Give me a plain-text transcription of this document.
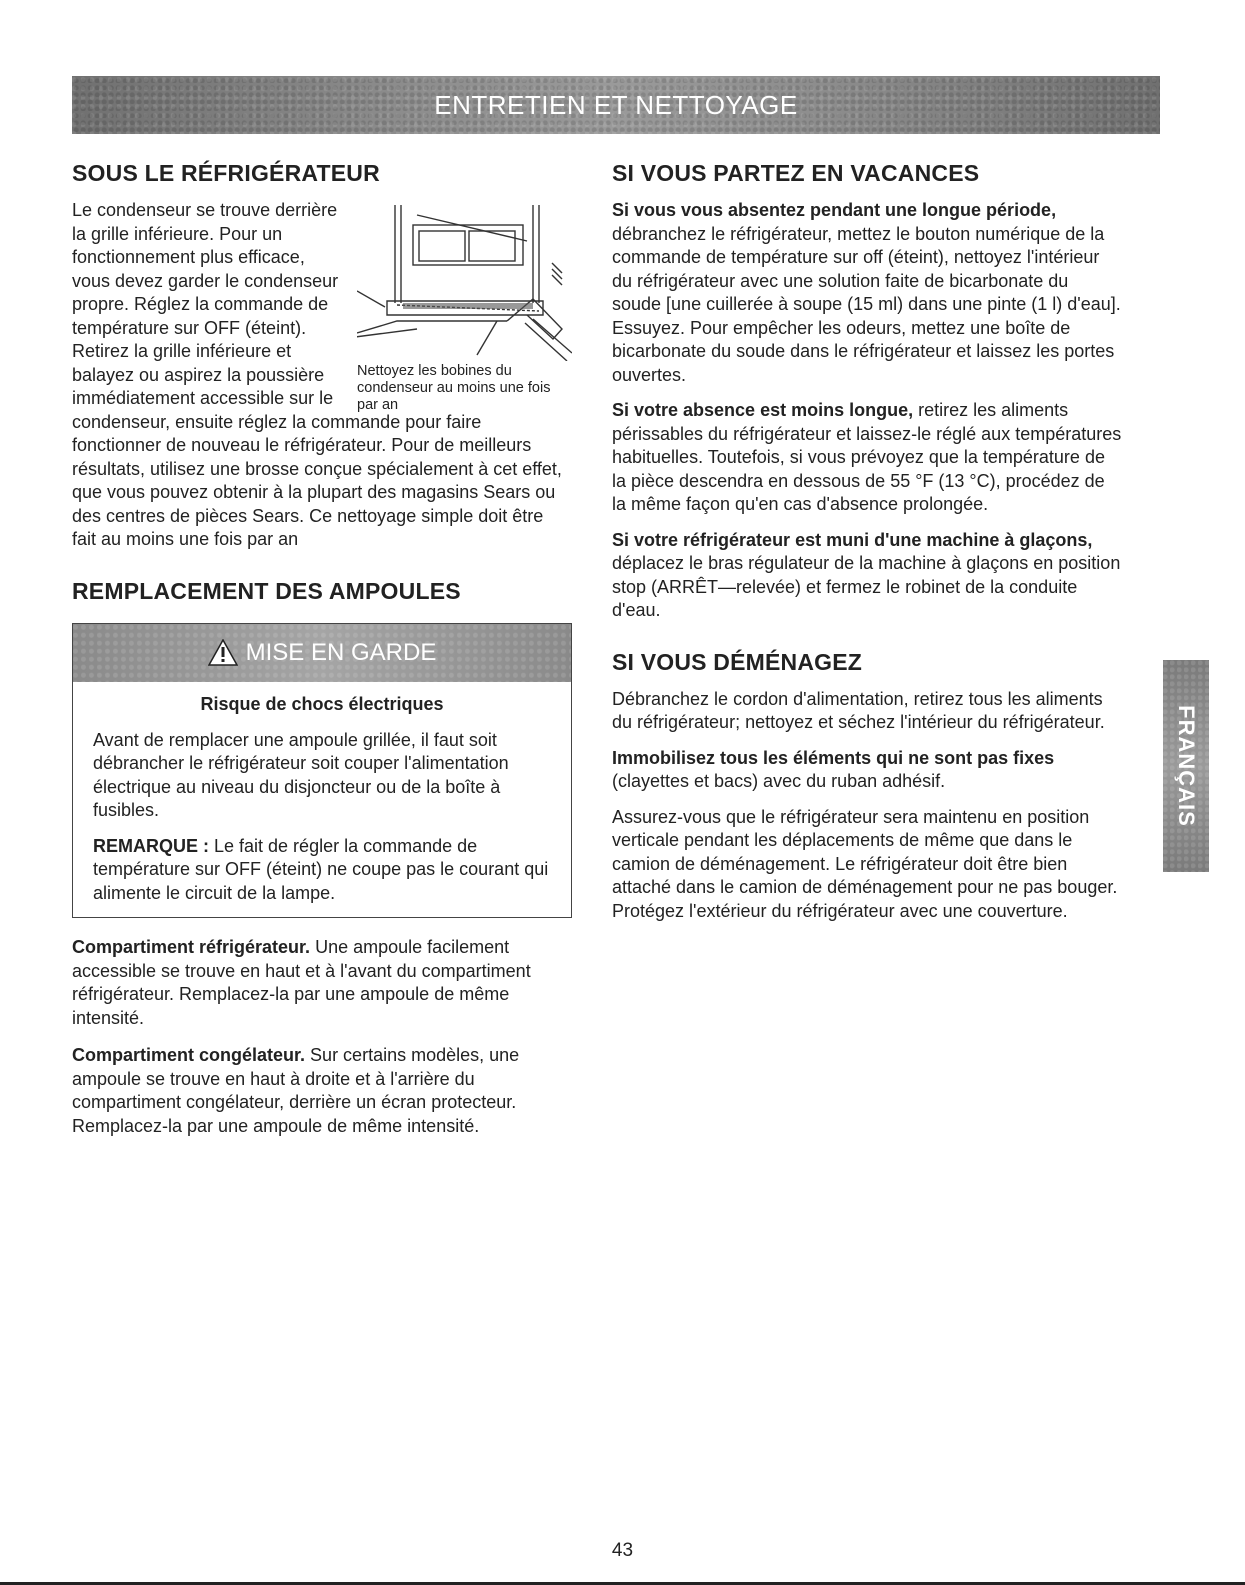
ENTRETIEN ET NETTOYAGE
SOUS LE RÉFRIGÉRATEUR
Nettoyez les bobines du condenseur au moins une fois par an

Le condenseur se trouve derrière la grille inférieure. Pour un fonctionnement plus efficace, vous devez garder le condenseur propre. Réglez la commande de température sur OFF (éteint). Retirez la grille inférieure et balayez ou aspirez la poussière immédiatement accessible sur le condenseur, ensuite réglez la commande pour faire fonctionner de nouveau le réfrigérateur. Pour de meilleurs résultats, utilisez une brosse conçue spécialement à cet effet, que vous pouvez obtenir à la plupart des magasins Sears ou des centres de pièces Sears. Ce nettoyage simple doit être fait au moins une fois par an

REMPLACEMENT DES AMPOULES
MISE EN GARDE
Risque de chocs électriques

Avant de remplacer une ampoule grillée, il faut soit débrancher le réfrigérateur soit couper l'alimentation électrique au niveau du disjoncteur ou de la boîte à fusibles.

REMARQUE : Le fait de régler la commande de température sur OFF (éteint) ne coupe pas le courant qui alimente le circuit de la lampe.

Compartiment réfrigérateur. Une ampoule facilement accessible se trouve en haut et à l'avant du compartiment réfrigérateur. Remplacez-la par une ampoule de même intensité.

Compartiment congélateur. Sur certains modèles, une ampoule se trouve en haut à droite et à l'arrière du compartiment congélateur, derrière un écran protecteur. Remplacez-la par une ampoule de même intensité.

SI VOUS PARTEZ EN VACANCES

Si vous vous absentez pendant une longue période, débranchez le réfrigérateur, mettez le bouton numérique de la commande de température sur off (éteint), nettoyez l'intérieur du réfrigérateur avec une solution faite de bicarbonate du soude [une cuillerée à soupe (15 ml) dans une pinte (1 l) d'eau]. Essuyez. Pour empêcher les odeurs, mettez une boîte de bicarbonate du soude dans le réfrigérateur et laissez les portes ouvertes.

Si votre absence est moins longue, retirez les aliments périssables du réfrigérateur et laissez-le réglé aux températures habituelles. Toutefois, si vous prévoyez que la température de la pièce descendra en dessous de 55 °F (13 °C), procédez de la même façon qu'en cas d'absence prolongée.

Si votre réfrigérateur est muni d'une machine à glaçons, déplacez le bras régulateur de la machine à glaçons en position stop (ARRÊT—relevée) et fermez le robinet de la conduite d'eau.

SI VOUS DÉMÉNAGEZ

Débranchez le cordon d'alimentation, retirez tous les aliments du réfrigérateur; nettoyez et séchez l'intérieur du réfrigérateur.

Immobilisez tous les éléments qui ne sont pas fixes (clayettes et bacs) avec du ruban adhésif.

Assurez-vous que le réfrigérateur sera maintenu en position verticale pendant les déplacements de même que dans le camion de déménagement. Le réfrigérateur doit être bien attaché dans le camion de déménagement pour ne pas bouger. Protégez l'extérieur du réfrigérateur avec une couverture.

FRANÇAIS
43
